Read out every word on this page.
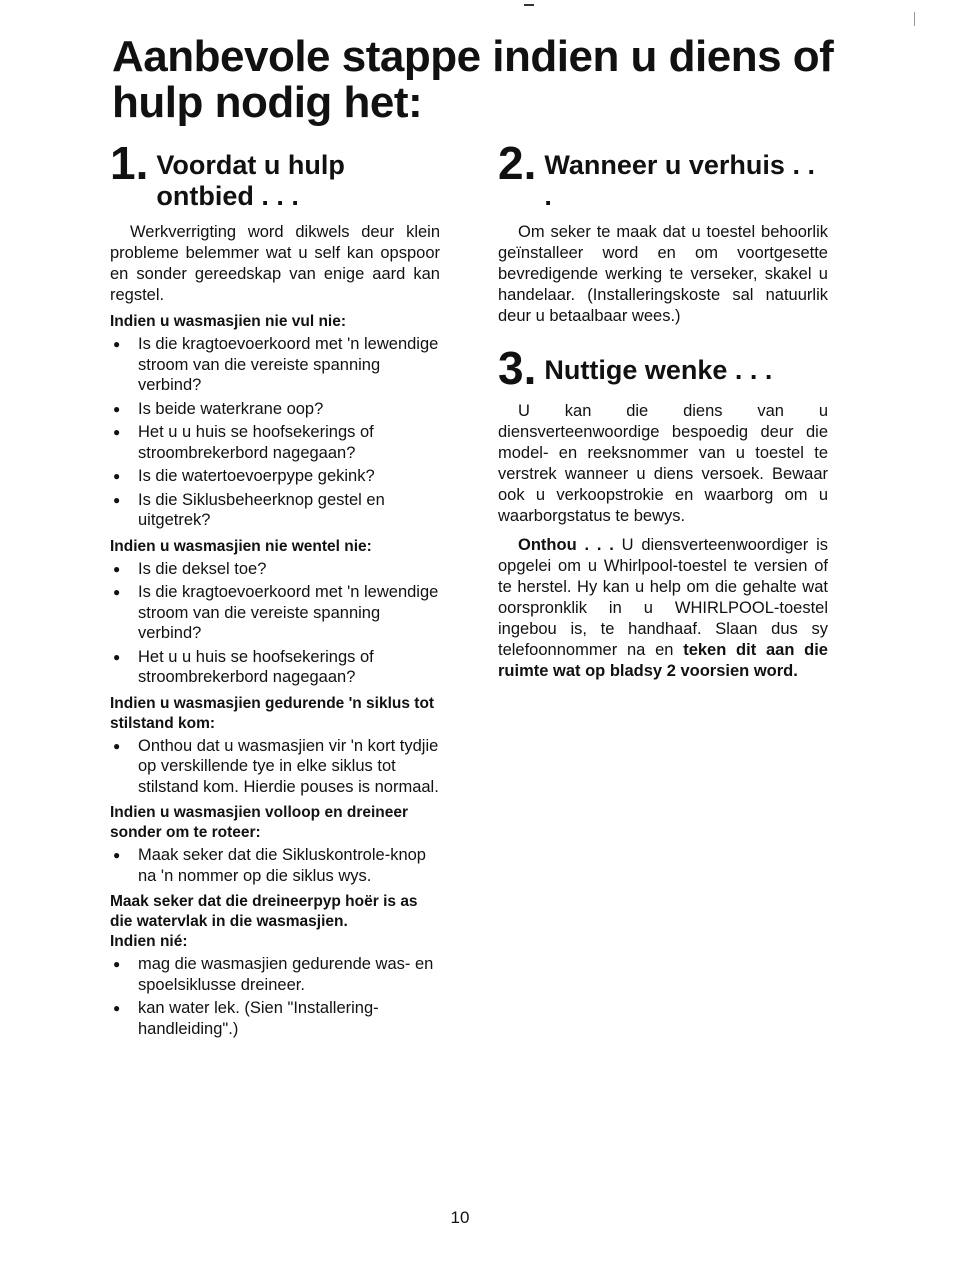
Aanbevole stappe indien u diens of hulp nodig het:
1. Voordat u hulp ontbied . . .

Werkverrigting word dikwels deur klein probleme belemmer wat u self kan opspoor en sonder gereedskap van enige aard kan regstel.

Indien u wasmasjien nie vul nie:

● Is die kragtoevoerkoord met 'n lewendige stroom van die vereiste spanning verbind?
● Is beide waterkrane oop?
● Het u u huis se hoofsekerings of stroombrekerbord nagegaan?
● Is die watertoevoerpype gekink?
● Is die Siklusbeheerknop gestel en uitgetrek?

Indien u wasmasjien nie wentel nie:

● Is die deksel toe?
● Is die kragtoevoerkoord met 'n lewendige stroom van die vereiste spanning verbind?
● Het u u huis se hoofsekerings of stroombrekerbord nagegaan?

Indien u wasmasjien gedurende 'n siklus tot stilstand kom:

● Onthou dat u wasmasjien vir 'n kort tydjie op verskillende tye in elke siklus tot stilstand kom. Hierdie pouses is normaal.

Indien u wasmasjien volloop en dreineer sonder om te roteer:

● Maak seker dat die Sikluskontrole-knop na 'n nommer op die siklus wys.

Maak seker dat die dreineerpyp hoër is as die watervlak in die wasmasjien.

Indien nié:

● mag die wasmasjien gedurende was- en spoelsiklusse dreineer.
● kan water lek. (Sien "Installering-handleiding".)
2. Wanneer u verhuis . . .

Om seker te maak dat u toestel behoorlik geïnstalleer word en om voortgesette bevredigende werking te verseker, skakel u handelaar. (Installeringskoste sal natuurlik deur u betaalbaar wees.)

3. Nuttige wenke . . .

U kan die diens van u diensverteenwoordige bespoedig deur die model- en reeksnommer van u toestel te verstrek wanneer u diens versoek. Bewaar ook u verkoopstrokie en waarborg om u waarborgstatus te bewys.

Onthou . . . U diensverteenwoordiger is opgelei om u Whirlpool-toestel te versien of te herstel. Hy kan u help om die gehalte wat oorspronklik in u WHIRLPOOL-toestel ingebou is, te handhaaf. Slaan dus sy telefoonnommer na en teken dit aan die ruimte wat op bladsy 2 voorsien word.

10
